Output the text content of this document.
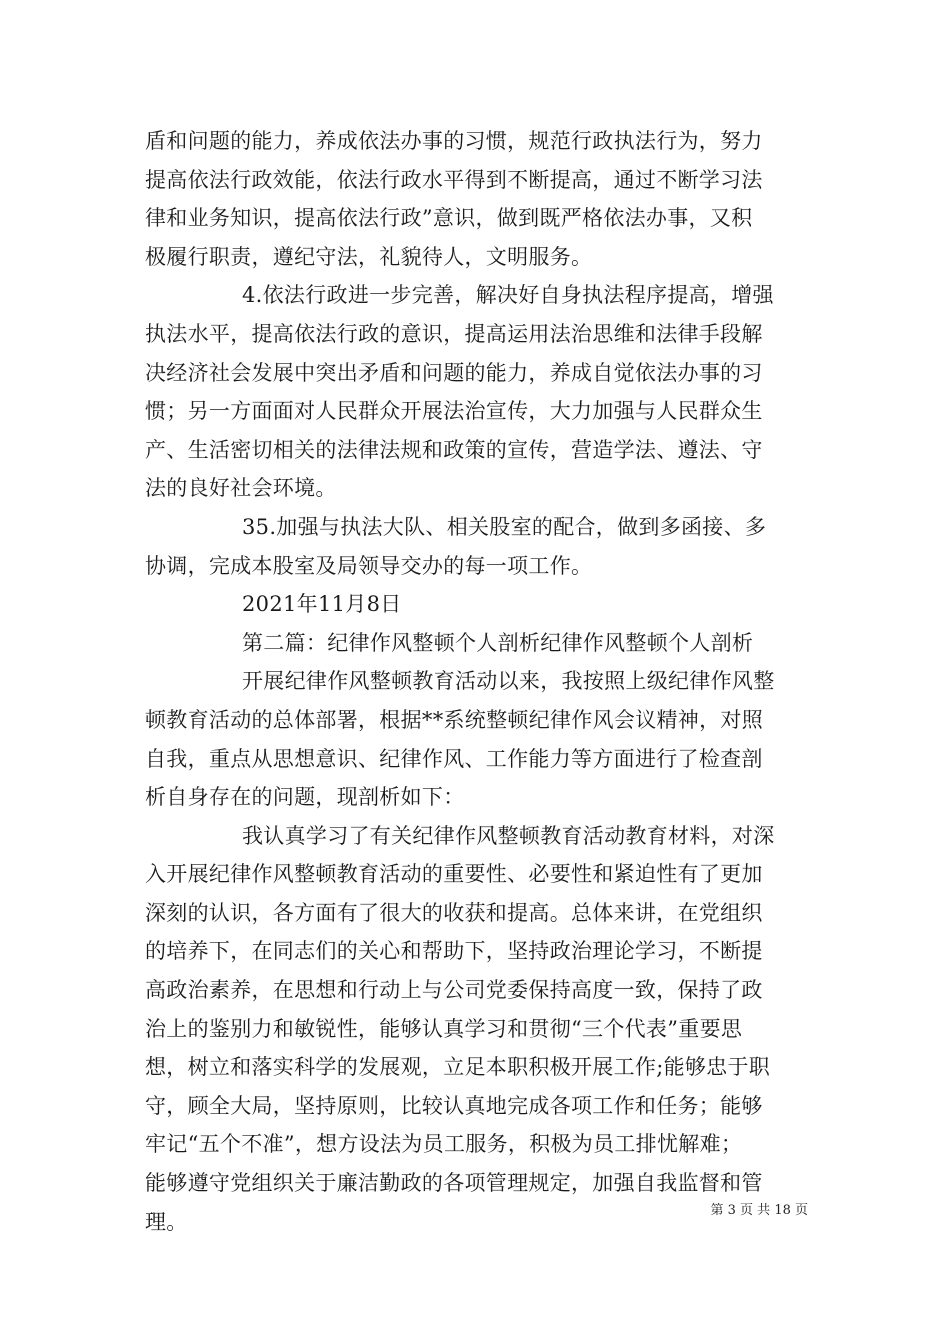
盾和问题的能力，养成依法办事的习惯，规范行政执法行为，努力
提高依法行政效能，依法行政水平得到不断提高，通过不断学习法
律和业务知识，提高依法行政”意识，做到既严格依法办事，又积
极履行职责，遵纪守法，礼貌待人，文明服务。
4.依法行政进一步完善，解决好自身执法程序提高，增强
执法水平，提高依法行政的意识，提高运用法治思维和法律手段解
决经济社会发展中突出矛盾和问题的能力，养成自觉依法办事的习
惯；另一方面面对人民群众开展法治宣传，大力加强与人民群众生
产、生活密切相关的法律法规和政策的宣传，营造学法、遵法、守
法的良好社会环境。
35.加强与执法大队、相关股室的配合，做到多函接、多
协调，完成本股室及局领导交办的每一项工作。
2021年11月8日
第二篇：纪律作风整顿个人剖析纪律作风整顿个人剖析
开展纪律作风整顿教育活动以来，我按照上级纪律作风整
顿教育活动的总体部署，根据**系统整顿纪律作风会议精神，对照
自我，重点从思想意识、纪律作风、工作能力等方面进行了检查剖
析自身存在的问题，现剖析如下：
我认真学习了有关纪律作风整顿教育活动教育材料，对深
入开展纪律作风整顿教育活动的重要性、必要性和紧迫性有了更加
深刻的认识，各方面有了很大的收获和提高。总体来讲，在党组织
的培养下，在同志们的关心和帮助下，坚持政治理论学习，不断提
高政治素养，在思想和行动上与公司党委保持高度一致，保持了政
治上的鉴别力和敏锐性，能够认真学习和贯彻“三个代表”重要思
想，树立和落实科学的发展观，立足本职积极开展工作;能够忠于职
守，顾全大局，坚持原则，比较认真地完成各项工作和任务；能够
牢记“五个不准”，想方设法为员工服务，积极为员工排忧解难；
能够遵守党组织关于廉洁勤政的各项管理规定，加强自我监督和管
理。	第 3 页 共 18 页
